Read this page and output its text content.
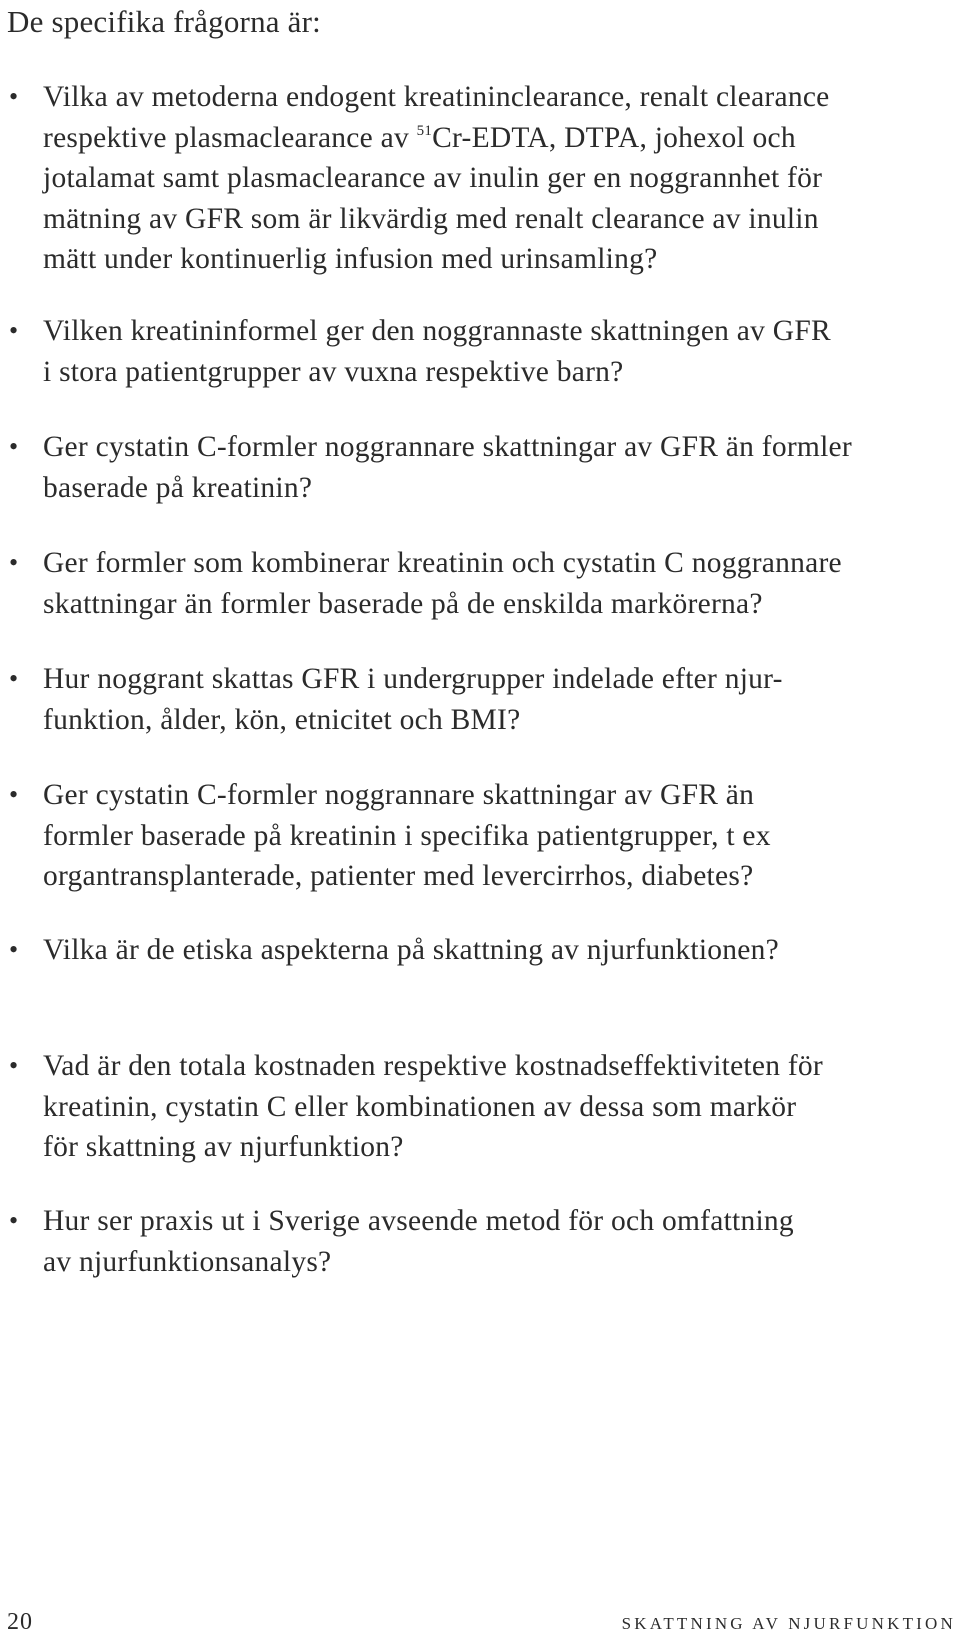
De specifika frågorna är:
• Vilka av metoderna endogent kreatininclearance, renalt clearance
respektive plasmaclearance av $^{51}$Cr-EDTA, DTPA, johexol och
jotalamat samt plasmaclearance av inulin ger en noggrannhet för
mätning av GFR som är likvärdig med renalt clearance av inulin
mätt under kontinuerlig infusion med urinsamling?
• Vilken kreatininformel ger den noggrannaste skattningen av GFR
i stora patientgrupper av vuxna respektive barn?
• Ger cystatin C-formler noggrannare skattningar av GFR än formler
baserade på kreatinin?
• Ger formler som kombinerar kreatinin och cystatin C noggrannare
skattningar än formler baserade på de enskilda markörerna?
• Hur noggrant skattas GFR i undergrupper indelade efter njur-
funktion, ålder, kön, etnicitet och BMI?
• Ger cystatin C-formler noggrannare skattningar av GFR än
formler baserade på kreatinin i specifika patientgrupper, t ex
organtransplanterade, patienter med levercirrhos, diabetes?
• Vilka är de etiska aspekterna på skattning av njurfunktionen?
• Vad är den totala kostnaden respektive kostnadseffektiviteten för
kreatinin, cystatin C eller kombinationen av dessa som markör
för skattning av njurfunktion?
• Hur ser praxis ut i Sverige avseende metod för och omfattning
av njurfunktionsanalys?
20	SKATTNING AV NJURFUNKTION
